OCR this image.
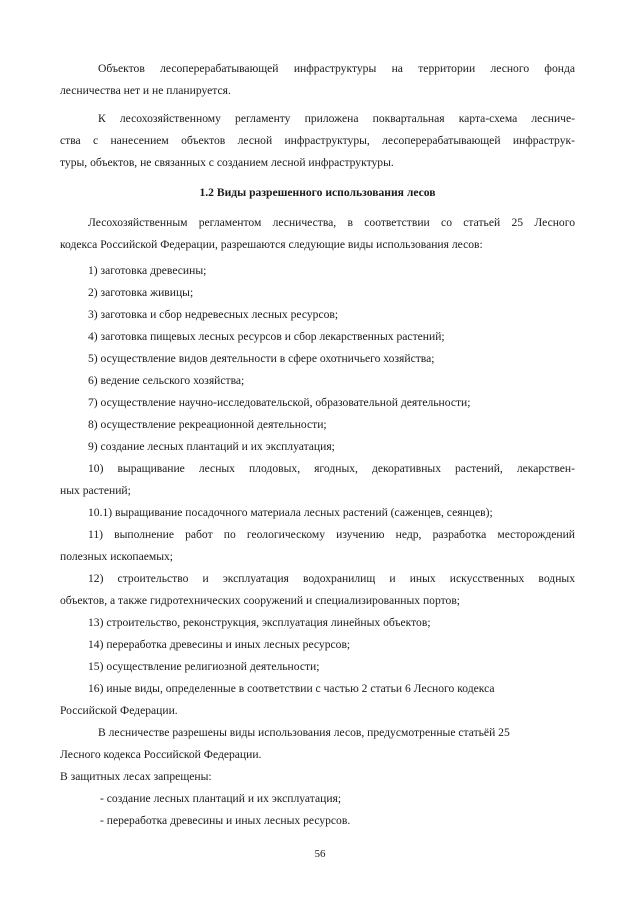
Объектов лесоперерабатывающей инфраструктуры на территории лесного фонда
лесничества нет и не планируется.
К лесохозяйственному регламенту приложена поквартальная карта-схема лесниче-
ства с нанесением объектов лесной инфраструктуры, лесоперерабатывающей инфраструк-
туры, объектов, не связанных с созданием лесной инфраструктуры.
1.2 Виды разрешенного использования лесов
Лесохозяйственным регламентом лесничества, в соответствии со статьей 25 Лесного
кодекса Российской Федерации, разрешаются следующие виды использования лесов:
1) заготовка древесины;
2) заготовка живицы;
3) заготовка и сбор недревесных лесных ресурсов;
4) заготовка пищевых лесных ресурсов и сбор лекарственных растений;
5) осуществление видов деятельности в сфере охотничьего хозяйства;
6) ведение сельского хозяйства;
7) осуществление научно-исследовательской, образовательной деятельности;
8) осуществление рекреационной деятельности;
9) создание лесных плантаций и их эксплуатация;
10) выращивание лесных плодовых, ягодных, декоративных растений, лекарствен-
ных растений;
10.1) выращивание посадочного материала лесных растений (саженцев, сеянцев);
11) выполнение работ по геологическому изучению недр, разработка месторождений
полезных ископаемых;
12) строительство и эксплуатация водохранилищ и иных искусственных водных
объектов, а также гидротехнических сооружений и специализированных портов;
13) строительство, реконструкция, эксплуатация линейных объектов;
14) переработка древесины и иных лесных ресурсов;
15) осуществление религиозной деятельности;
16) иные виды, определенные в соответствии с частью 2 статьи 6 Лесного кодекса
Российской Федерации.
В лесничестве разрешены виды использования лесов, предусмотренные статьёй 25
Лесного кодекса Российской Федерации.
В защитных лесах запрещены:
- создание лесных плантаций и их эксплуатация;
- переработка древесины и иных лесных ресурсов.
56
